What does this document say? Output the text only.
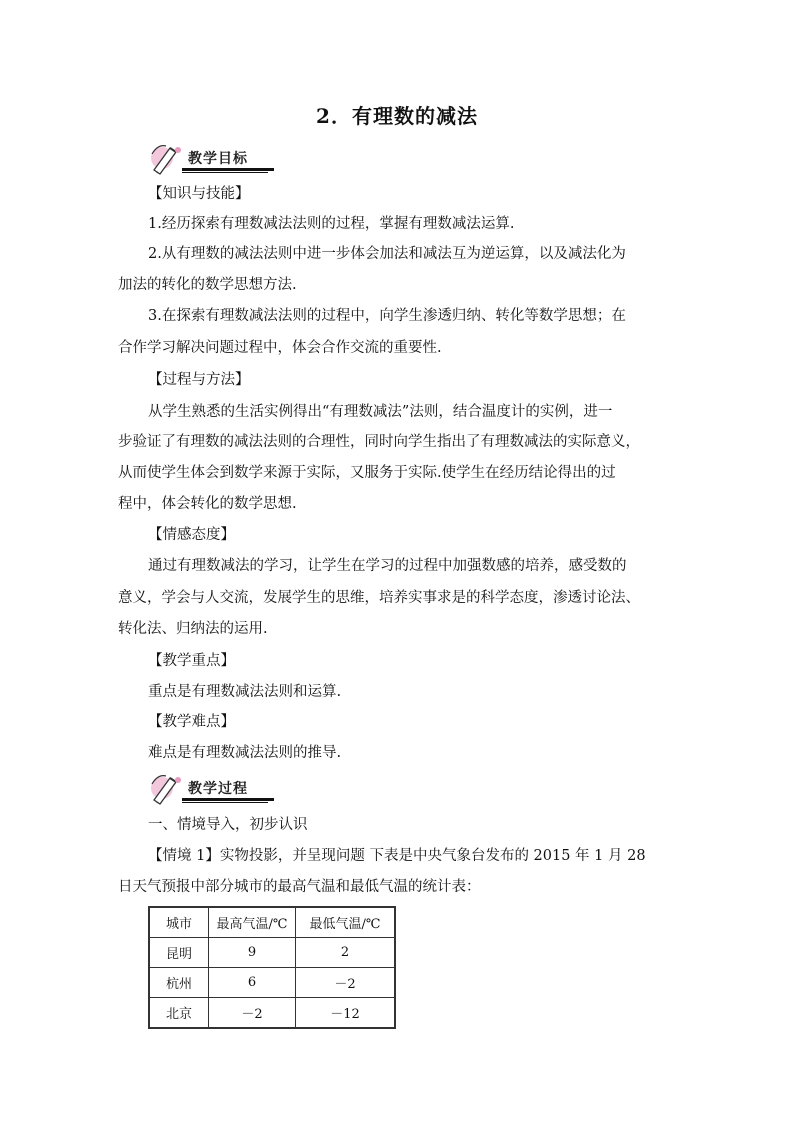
2．有理数的减法
教学目标
【知识与技能】
1.经历探索有理数减法法则的过程，掌握有理数减法运算.
2.从有理数的减法法则中进一步体会加法和减法互为逆运算，以及减法化为
加法的转化的数学思想方法.
3.在探索有理数减法法则的过程中，向学生渗透归纳、转化等数学思想；在
合作学习解决问题过程中，体会合作交流的重要性.
【过程与方法】
从学生熟悉的生活实例得出“有理数减法”法则，结合温度计的实例，进一
步验证了有理数的减法法则的合理性，同时向学生指出了有理数减法的实际意义，
从而使学生体会到数学来源于实际，又服务于实际.使学生在经历结论得出的过
程中，体会转化的数学思想.
【情感态度】
通过有理数减法的学习，让学生在学习的过程中加强数感的培养，感受数的
意义，学会与人交流，发展学生的思维，培养实事求是的科学态度，渗透讨论法、
转化法、归纳法的运用.
【教学重点】
重点是有理数减法法则和运算.
【教学难点】
难点是有理数减法法则的推导.
教学过程
一、情境导入，初步认识
【情境 1】实物投影，并呈现问题 下表是中央气象台发布的 2015 年 1 月 28
日天气预报中部分城市的最高气温和最低气温的统计表：
城市	最高气温/℃	最低气温/℃
昆明	9	2
杭州	6	－2
北京	－2	－12
